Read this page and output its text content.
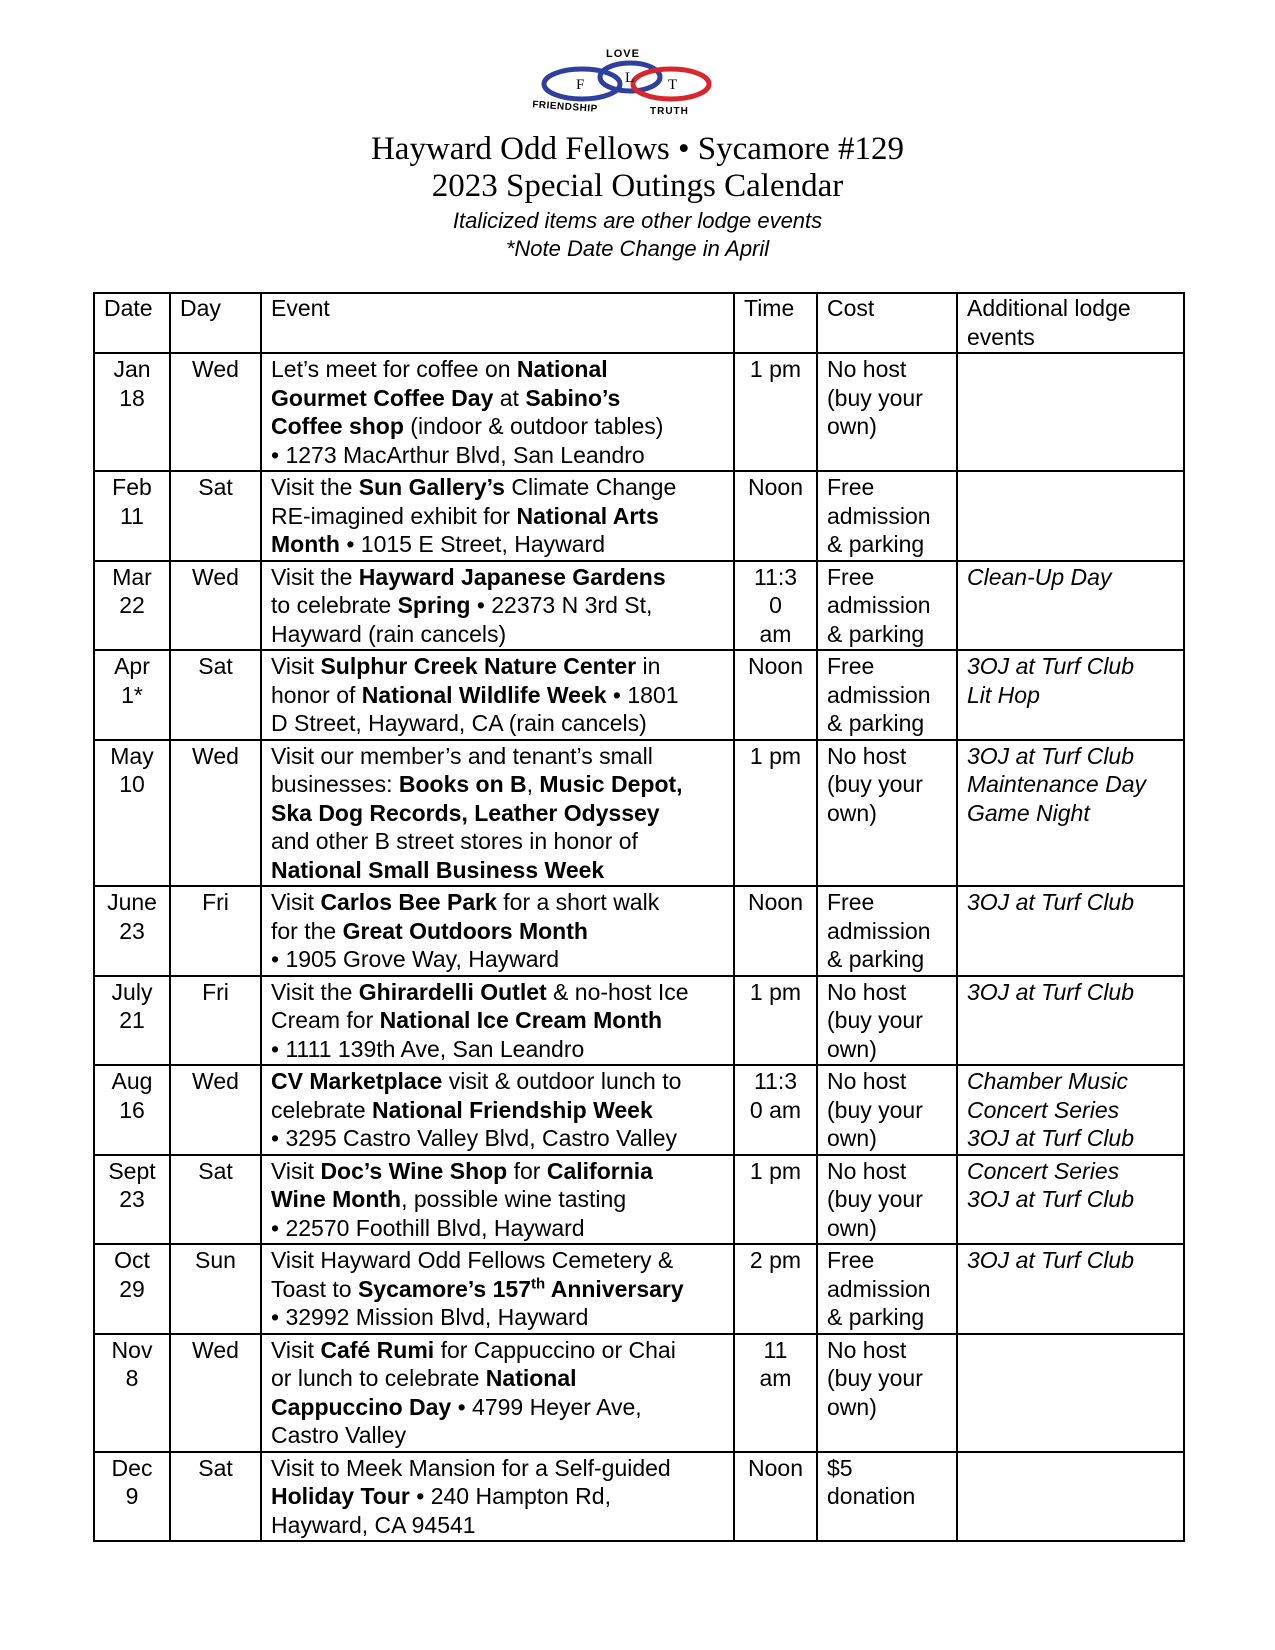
LOVE
F	L T
FRIENDSHIP	TRUTH
Hayward Odd Fellows • Sycamore #129
2023 Special Outings Calendar
Italicized items are other lodge events
*Note Date Change in April
Date	Day	Event	Time	Cost	Additional lodge events

Jan
18	Wed	Let’s meet for coffee on National
Gourmet Coffee Day at Sabino’s
Coffee shop (indoor & outdoor tables)
• 1273 MacArthur Blvd, San Leandro	1 pm	No host
(buy your
own)	

Feb
11	Sat	Visit the Sun Gallery’s Climate Change
RE-imagined exhibit for National Arts
Month • 1015 E Street, Hayward	Noon	Free
admission
& parking	

Mar
22	Wed	Visit the Hayward Japanese Gardens
to celebrate Spring • 22373 N 3rd St,
Hayward (rain cancels)	11:3
0
am	Free
admission
& parking	Clean-Up Day

Apr
1*	Sat	Visit Sulphur Creek Nature Center in
honor of National Wildlife Week • 1801
D Street, Hayward, CA (rain cancels)	Noon	Free
admission
& parking	3OJ at Turf Club
Lit Hop

May
10	Wed	Visit our member’s and tenant’s small
businesses: Books on B, Music Depot,
Ska Dog Records, Leather Odyssey
and other B street stores in honor of
National Small Business Week	1 pm	No host
(buy your
own)	3OJ at Turf Club
Maintenance Day
Game Night

June
23	Fri	Visit Carlos Bee Park for a short walk
for the Great Outdoors Month
• 1905 Grove Way, Hayward	Noon	Free
admission
& parking	3OJ at Turf Club

July
21	Fri	Visit the Ghirardelli Outlet & no-host Ice
Cream for National Ice Cream Month
• 1111 139th Ave, San Leandro	1 pm	No host
(buy your
own)	3OJ at Turf Club

Aug
16	Wed	CV Marketplace visit & outdoor lunch to
celebrate National Friendship Week
• 3295 Castro Valley Blvd, Castro Valley	11:3
0 am	No host
(buy your
own)	Chamber Music
Concert Series
3OJ at Turf Club

Sept
23	Sat	Visit Doc’s Wine Shop for California
Wine Month, possible wine tasting
• 22570 Foothill Blvd, Hayward	1 pm	No host
(buy your
own)	Concert Series
3OJ at Turf Club

Oct
29	Sun	Visit Hayward Odd Fellows Cemetery &
Toast to Sycamore’s 157th Anniversary
• 32992 Mission Blvd, Hayward	2 pm	Free
admission
& parking	3OJ at Turf Club

Nov
8	Wed	Visit Café Rumi for Cappuccino or Chai
or lunch to celebrate National
Cappuccino Day • 4799 Heyer Ave,
Castro Valley	11
am	No host
(buy your
own)	

Dec
9	Sat	Visit to Meek Mansion for a Self-guided
Holiday Tour • 240 Hampton Rd,
Hayward, CA 94541	Noon	$5
donation	
